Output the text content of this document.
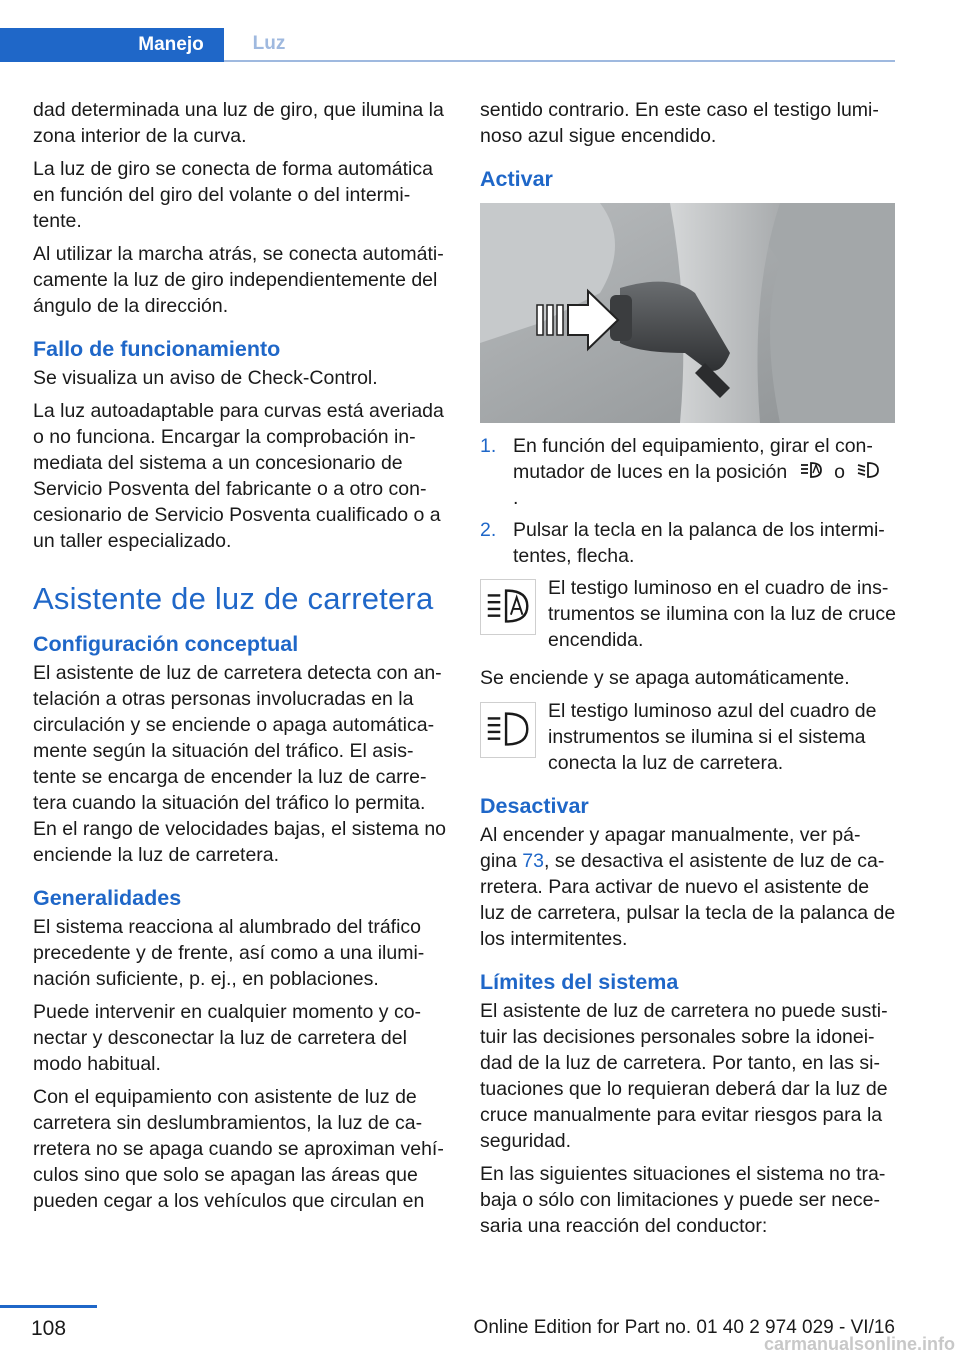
Manejo	Luz

dad determinada una luz de giro, que ilumina la zona interior de la curva.

La luz de giro se conecta de forma automática en función del giro del volante o del intermi‐ tente.

Al utilizar la marcha atrás, se conecta automáti‐ camente la luz de giro independientemente del ángulo de la dirección.

Fallo de funcionamiento

Se visualiza un aviso de Check-Control.

La luz autoadaptable para curvas está averiada o no funciona. Encargar la comprobación in‐ mediata del sistema a un concesionario de Servicio Posventa del fabricante o a otro con‐ cesionario de Servicio Posventa cualificado o a un taller especializado.

Asistente de luz de carretera
Configuración conceptual

El asistente de luz de carretera detecta con an‐ telación a otras personas involucradas en la circulación y se enciende o apaga automática‐ mente según la situación del tráfico. El asis‐ tente se encarga de encender la luz de carre‐ tera cuando la situación del tráfico lo permita. En el rango de velocidades bajas, el sistema no enciende la luz de carretera.

Generalidades

El sistema reacciona al alumbrado del tráfico precedente y de frente, así como a una ilumi‐ nación suficiente, p. ej., en poblaciones.

Puede intervenir en cualquier momento y co‐ nectar y desconectar la luz de carretera del modo habitual.

Con el equipamiento con asistente de luz de carretera sin deslumbramientos, la luz de ca‐ rretera no se apaga cuando se aproximan vehí‐ culos sino que solo se apagan las áreas que pueden cegar a los vehículos que circulan en

sentido contrario. En este caso el testigo lumi‐ noso azul sigue encendido.

Activar
1. En función del equipamiento, girar el con‐ mutador de luces en la posición o  .
2. Pulsar la tecla en la palanca de los intermi‐ tentes, flecha.

El testigo luminoso en el cuadro de ins‐ trumentos se ilumina con la luz de cruce encendida.

Se enciende y se apaga automáticamente.

El testigo luminoso azul del cuadro de instrumentos se ilumina si el sistema conecta la luz de carretera.

Desactivar

Al encender y apagar manualmente, ver pá‐ gina 73, se desactiva el asistente de luz de ca‐ rretera. Para activar de nuevo el asistente de luz de carretera, pulsar la tecla de la palanca de los intermitentes.

Límites del sistema

El asistente de luz de carretera no puede susti‐ tuir las decisiones personales sobre la idonei‐ dad de la luz de carretera. Por tanto, en las si‐ tuaciones que lo requieran deberá dar la luz de cruce manualmente para evitar riesgos para la seguridad.

En las siguientes situaciones el sistema no tra‐ baja o sólo con limitaciones y puede ser nece‐ saria una reacción del conductor:

108	Online Edition for Part no. 01 40 2 974 029 - VI/16
carmanualsonline.info
